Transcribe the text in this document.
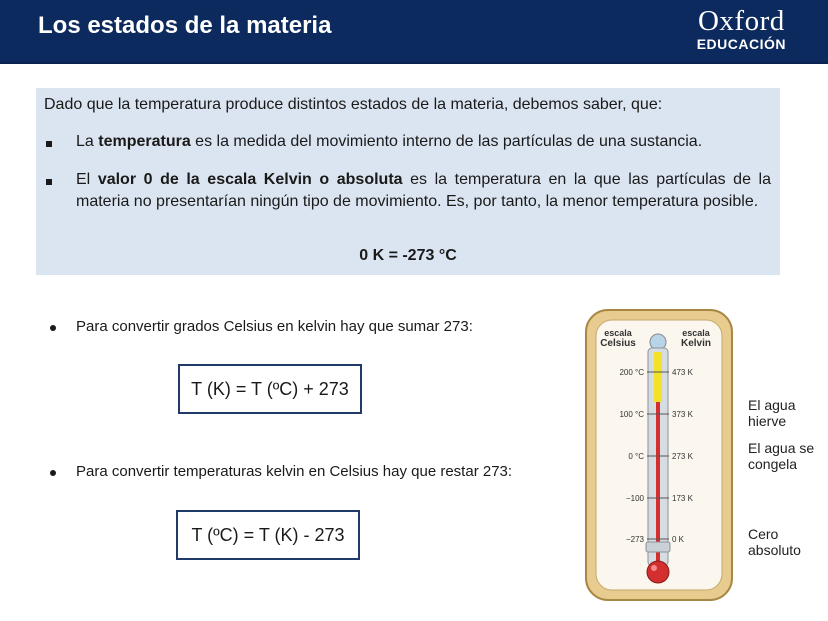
Los estados de la materia	Oxford
EDUCACIÓN
Dado que la temperatura produce distintos estados de la materia, debemos saber, que:
La temperatura es la medida del movimiento interno de las partículas de una sustancia.
El valor 0 de la escala Kelvin o absoluta es la temperatura en la que las partículas de la materia no presentarían ningún tipo de movimiento. Es, por tanto, la menor temperatura posible.
0 K = -273 °C
Para convertir grados Celsius en kelvin hay que sumar 273:
T (K) = T (ºC) + 273
Para convertir temperaturas kelvin en Celsius hay que restar 273:
T (ºC) = T (K) - 273
escala
Celsius
escala
Kelvin
200 °C	473 K
100 °C	373 K
0 °C	273 K
−100	173 K
−273	0 K
El agua
hierve
El agua se
congela
Cero
absoluto
